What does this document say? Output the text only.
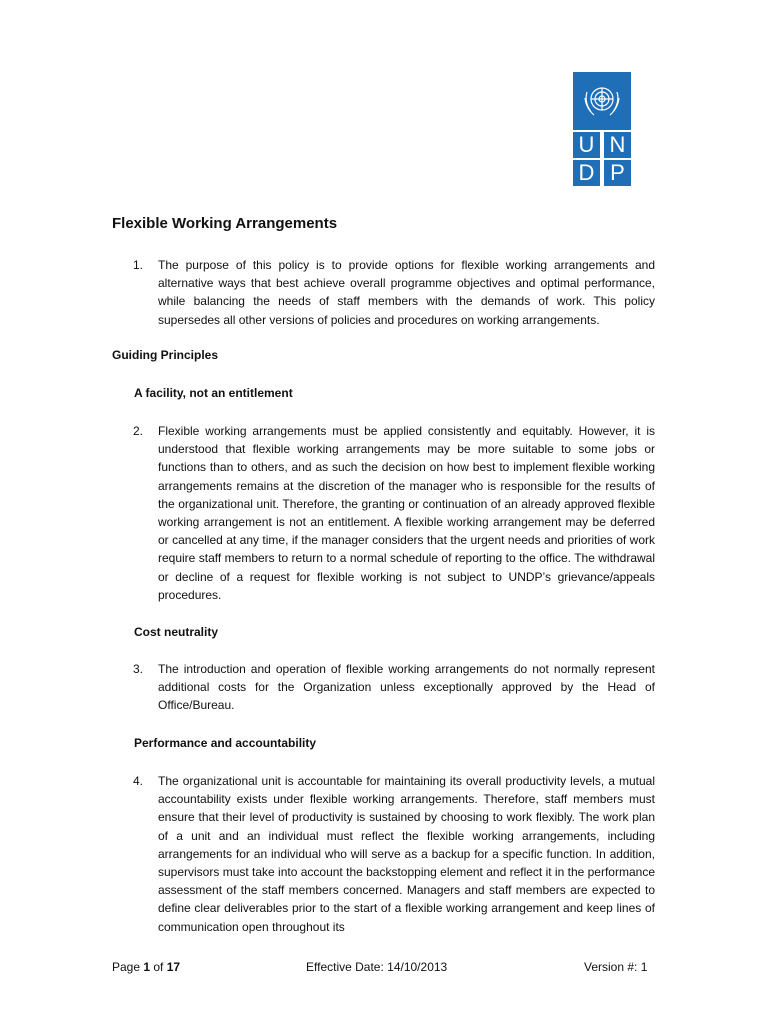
U N
D P
Flexible Working Arrangements
1. The purpose of this policy is to provide options for flexible working arrangements and alternative ways that best achieve overall programme objectives and optimal performance, while balancing the needs of staff members with the demands of work. This policy supersedes all other versions of policies and procedures on working arrangements.

Guiding Principles
A facility, not an entitlement
2. Flexible working arrangements must be applied consistently and equitably. However, it is understood that flexible working arrangements may be more suitable to some jobs or functions than to others, and as such the decision on how best to implement flexible working arrangements remains at the discretion of the manager who is responsible for the results of the organizational unit. Therefore, the granting or continuation of an already approved flexible working arrangement is not an entitlement. A flexible working arrangement may be deferred or cancelled at any time, if the manager considers that the urgent needs and priorities of work require staff members to return to a normal schedule of reporting to the office. The withdrawal or decline of a request for flexible working is not subject to UNDP’s grievance/appeals procedures.

Cost neutrality
3. The introduction and operation of flexible working arrangements do not normally represent additional costs for the Organization unless exceptionally approved by the Head of Office/Bureau.

Performance and accountability
4. The organizational unit is accountable for maintaining its overall productivity levels, a mutual accountability exists under flexible working arrangements. Therefore, staff members must ensure that their level of productivity is sustained by choosing to work flexibly. The work plan of a unit and an individual must reflect the flexible working arrangements, including arrangements for an individual who will serve as a backup for a specific function. In addition, supervisors must take into account the backstopping element and reflect it in the performance assessment of the staff members concerned. Managers and staff members are expected to define clear deliverables prior to the start of a flexible working arrangement and keep lines of communication open throughout its

Page 1 of 17	Effective Date: 14/10/2013	Version #: 1
